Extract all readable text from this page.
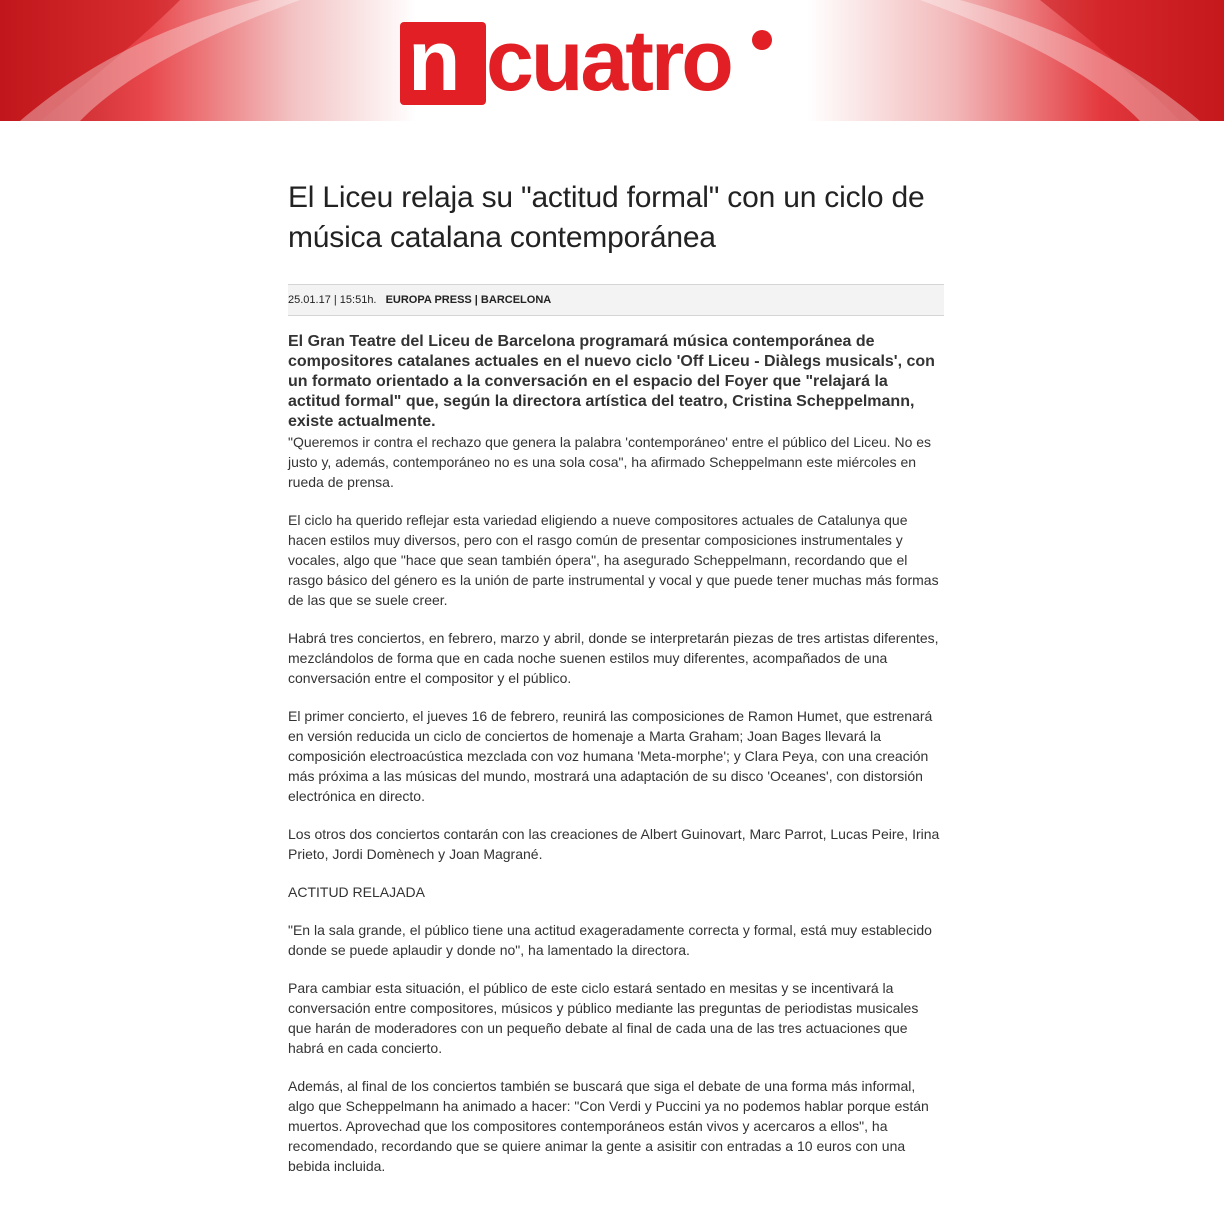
n cuatro
El Liceu relaja su "actitud formal" con un ciclo de música catalana contemporánea
25.01.17 | 15:51h. EUROPA PRESS | BARCELONA

El Gran Teatre del Liceu de Barcelona programará música contemporánea de compositores catalanes actuales en el nuevo ciclo 'Off Liceu - Diàlegs musicals', con un formato orientado a la conversación en el espacio del Foyer que "relajará la actitud formal" que, según la directora artística del teatro, Cristina Scheppelmann, existe actualmente.

"Queremos ir contra el rechazo que genera la palabra 'contemporáneo' entre el público del Liceu. No es justo y, además, contemporáneo no es una sola cosa", ha afirmado Scheppelmann este miércoles en rueda de prensa.

El ciclo ha querido reflejar esta variedad eligiendo a nueve compositores actuales de Catalunya que hacen estilos muy diversos, pero con el rasgo común de presentar composiciones instrumentales y vocales, algo que "hace que sean también ópera", ha asegurado Scheppelmann, recordando que el rasgo básico del género es la unión de parte instrumental y vocal y que puede tener muchas más formas de las que se suele creer.

Habrá tres conciertos, en febrero, marzo y abril, donde se interpretarán piezas de tres artistas diferentes, mezclándolos de forma que en cada noche suenen estilos muy diferentes, acompañados de una conversación entre el compositor y el público.

El primer concierto, el jueves 16 de febrero, reunirá las composiciones de Ramon Humet, que estrenará en versión reducida un ciclo de conciertos de homenaje a Marta Graham; Joan Bages llevará la composición electroacústica mezclada con voz humana 'Meta-morphe'; y Clara Peya, con una creación más próxima a las músicas del mundo, mostrará una adaptación de su disco 'Oceanes', con distorsión electrónica en directo.

Los otros dos conciertos contarán con las creaciones de Albert Guinovart, Marc Parrot, Lucas Peire, Irina Prieto, Jordi Domènech y Joan Magrané.

ACTITUD RELAJADA

"En la sala grande, el público tiene una actitud exageradamente correcta y formal, está muy establecido donde se puede aplaudir y donde no", ha lamentado la directora.

Para cambiar esta situación, el público de este ciclo estará sentado en mesitas y se incentivará la conversación entre compositores, músicos y público mediante las preguntas de periodistas musicales que harán de moderadores con un pequeño debate al final de cada una de las tres actuaciones que habrá en cada concierto.

Además, al final de los conciertos también se buscará que siga el debate de una forma más informal, algo que Scheppelmann ha animado a hacer: "Con Verdi y Puccini ya no podemos hablar porque están muertos. Aprovechad que los compositores contemporáneos están vivos y acercaros a ellos", ha recomendado, recordando que se quiere animar la gente a asisitir con entradas a 10 euros con una bebida incluida.
